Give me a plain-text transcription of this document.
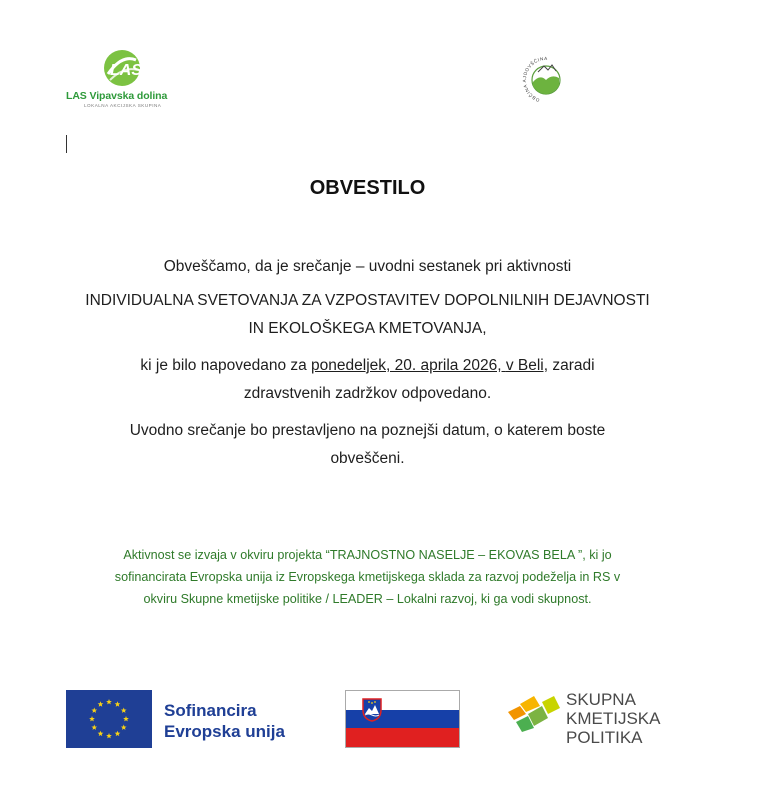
LAS
LAS Vipavska dolina
LOKALNA AKCIJSKA SKUPINA
OBČINA AJDOVŠČINA
OBVESTILO
Obveščamo, da je srečanje – uvodni sestanek pri aktivnosti
INDIVIDUALNA SVETOVANJA ZA VZPOSTAVITEV DOPOLNILNIH DEJAVNOSTI
IN EKOLOŠKEGA KMETOVANJA,
ki je bilo napovedano za ponedeljek, 20. aprila 2026, v Beli, zaradi
zdravstvenih zadržkov odpovedano.
Uvodno srečanje bo prestavljeno na poznejši datum, o katerem boste
obveščeni.
Aktivnost se izvaja v okviru projekta “TRAJNOSTNO NASELJE – EKOVAS BELA ”, ki jo
sofinancirata Evropska unija iz Evropskega kmetijskega sklada za razvoj podeželja in RS v
okviru Skupne kmetijske politike / LEADER – Lokalni razvoj, ki ga vodi skupnost.
Sofinancira
Evropska unija
SKUPNA
KMETIJSKA
POLITIKA
